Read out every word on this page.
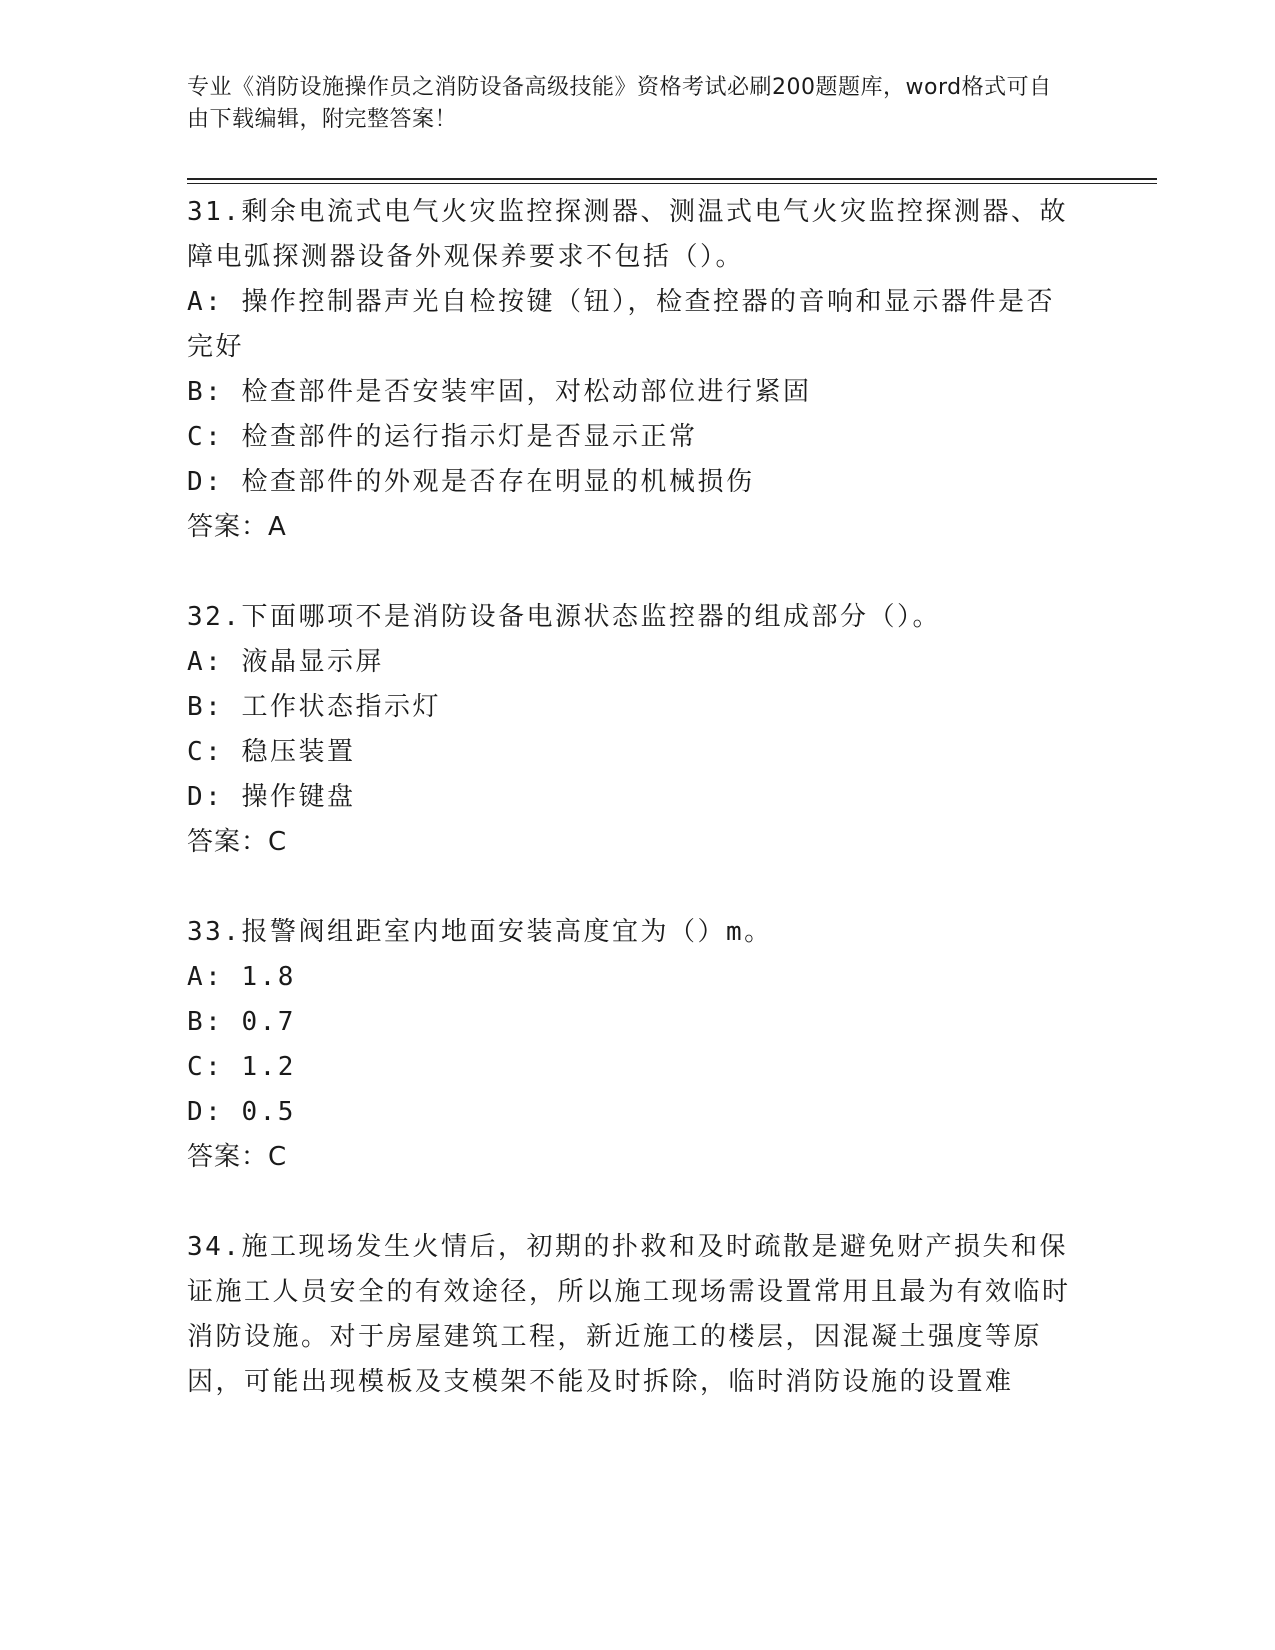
专业《消防设施操作员之消防设备高级技能》资格考试必刷200题题库，word格式可自由下载编辑，附完整答案！
31.剩余电流式电气火灾监控探测器、测温式电气火灾监控探测器、故障电弧探测器设备外观保养要求不包括（）。
A: 操作控制器声光自检按键（钮），检查控器的音响和显示器件是否完好
B: 检查部件是否安装牢固，对松动部位进行紧固
C: 检查部件的运行指示灯是否显示正常
D: 检查部件的外观是否存在明显的机械损伤
答案：A
32.下面哪项不是消防设备电源状态监控器的组成部分（）。
A: 液晶显示屏
B: 工作状态指示灯
C: 稳压装置
D: 操作键盘
答案：C
33.报警阀组距室内地面安装高度宜为（）m。
A: 1.8
B: 0.7
C: 1.2
D: 0.5
答案：C
34.施工现场发生火情后，初期的扑救和及时疏散是避免财产损失和保证施工人员安全的有效途径，所以施工现场需设置常用且最为有效临时消防设施。对于房屋建筑工程，新近施工的楼层，因混凝土强度等原因，可能出现模板及支模架不能及时拆除，临时消防设施的设置难
